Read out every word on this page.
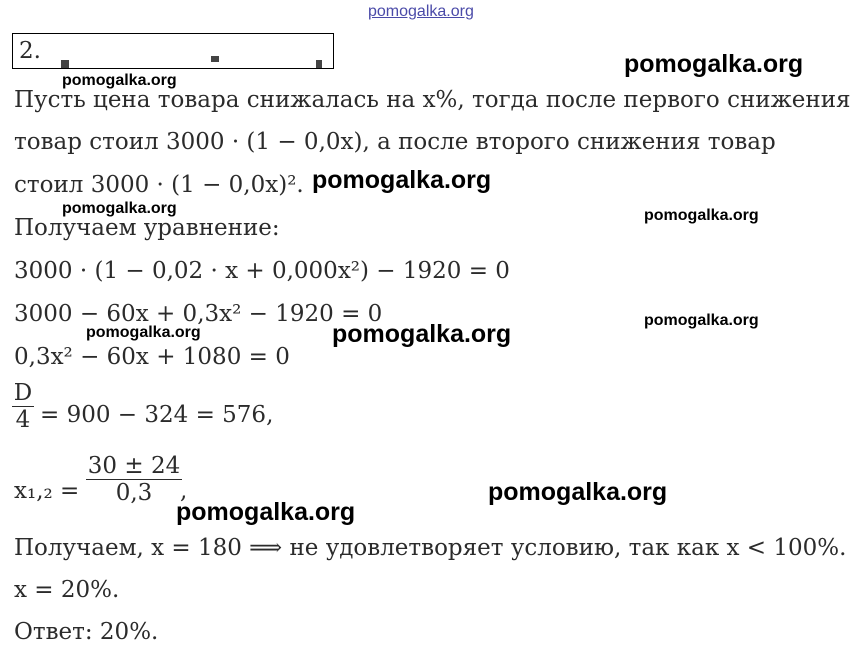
pomogalka.org
2.	pomogalka.org
pomogalka.org
pomogalka.org
pomogalka.org	pomogalka.org
pomogalka.org
pomogalka.org
pomogalka.org
pomogalka.org
pomogalka.org
Пусть цена товара снижалась на x%, тогда после первого снижения
товар стоил 3000 · (1 − 0,0x), а после второго снижения товар
стоил 3000 · (1 − 0,0x)².
Получаем уравнение:
3000 · (1 − 0,02 · x + 0,000x²) − 1920 = 0
3000 − 60x + 0,3x² − 1920 = 0
0,3x² − 60x + 1080 = 0
$\frac{D}{4} = 900 - 324 = 576$,
$x_1,_2 = \frac{30 \pm 24}{0,3}$
,
Получаем, x = 180 ⟹ не удовлетворяет условию, так как x < 100%.
x = 20%.
Ответ: 20%.
